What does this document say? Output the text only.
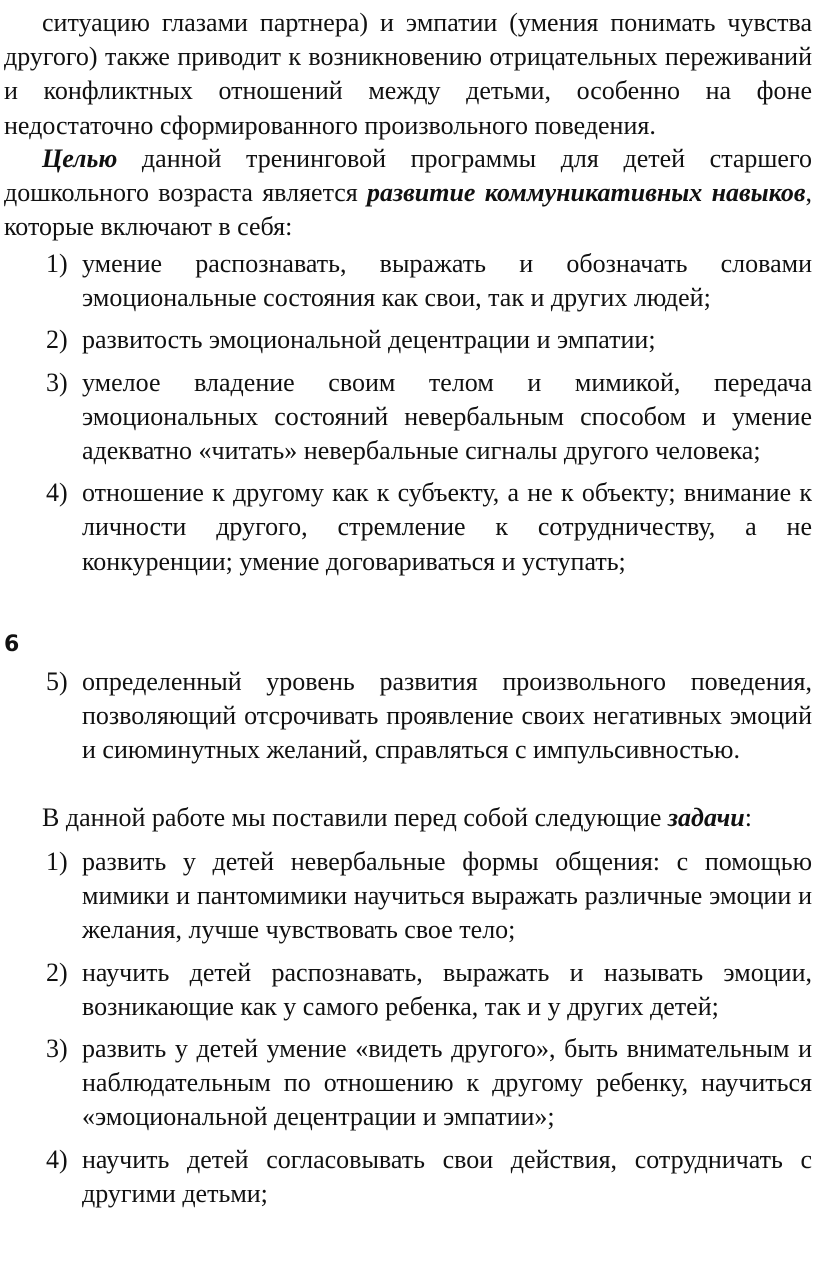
ситуацию глазами партнера) и эмпатии (умения понимать чувства другого) также приводит к возникновению отрицательных переживаний и конфликтных отношений между детьми, особенно на фоне недостаточно сформированного произвольного поведения.

Целью данной тренинговой программы для детей старшего дошкольного возраста является развитие коммуникативных навыков, которые включают в себя:

1) умение распознавать, выражать и обозначать словами эмоциональные состояния как свои, так и других людей;
2) развитость эмоциональной децентрации и эмпатии;
3) умелое владение своим телом и мимикой, передача эмоциональных состояний невербальным способом и умение адекватно «читать» невербальные сигналы другого человека;
4) отношение к другому как к субъекту, а не к объекту; внимание к личности другого, стремление к сотрудничеству, а не конкуренции; умение договариваться и уступать;
6
5) определенный уровень развития произвольного поведения, позволяющий отсрочивать проявление своих негативных эмоций и сиюминутных желаний, справляться с импульсивностью.

В данной работе мы поставили перед собой следующие задачи:

1) развить у детей невербальные формы общения: с помощью мимики и пантомимики научиться выражать различные эмоции и желания, лучше чувствовать свое тело;
2) научить детей распознавать, выражать и называть эмоции, возникающие как у самого ребенка, так и у других детей;
3) развить у детей умение «видеть другого», быть внимательным и наблюдательным по отношению к другому ребенку, научиться «эмоциональной децентрации и эмпатии»;
4) научить детей согласовывать свои действия, сотрудничать с другими детьми;
